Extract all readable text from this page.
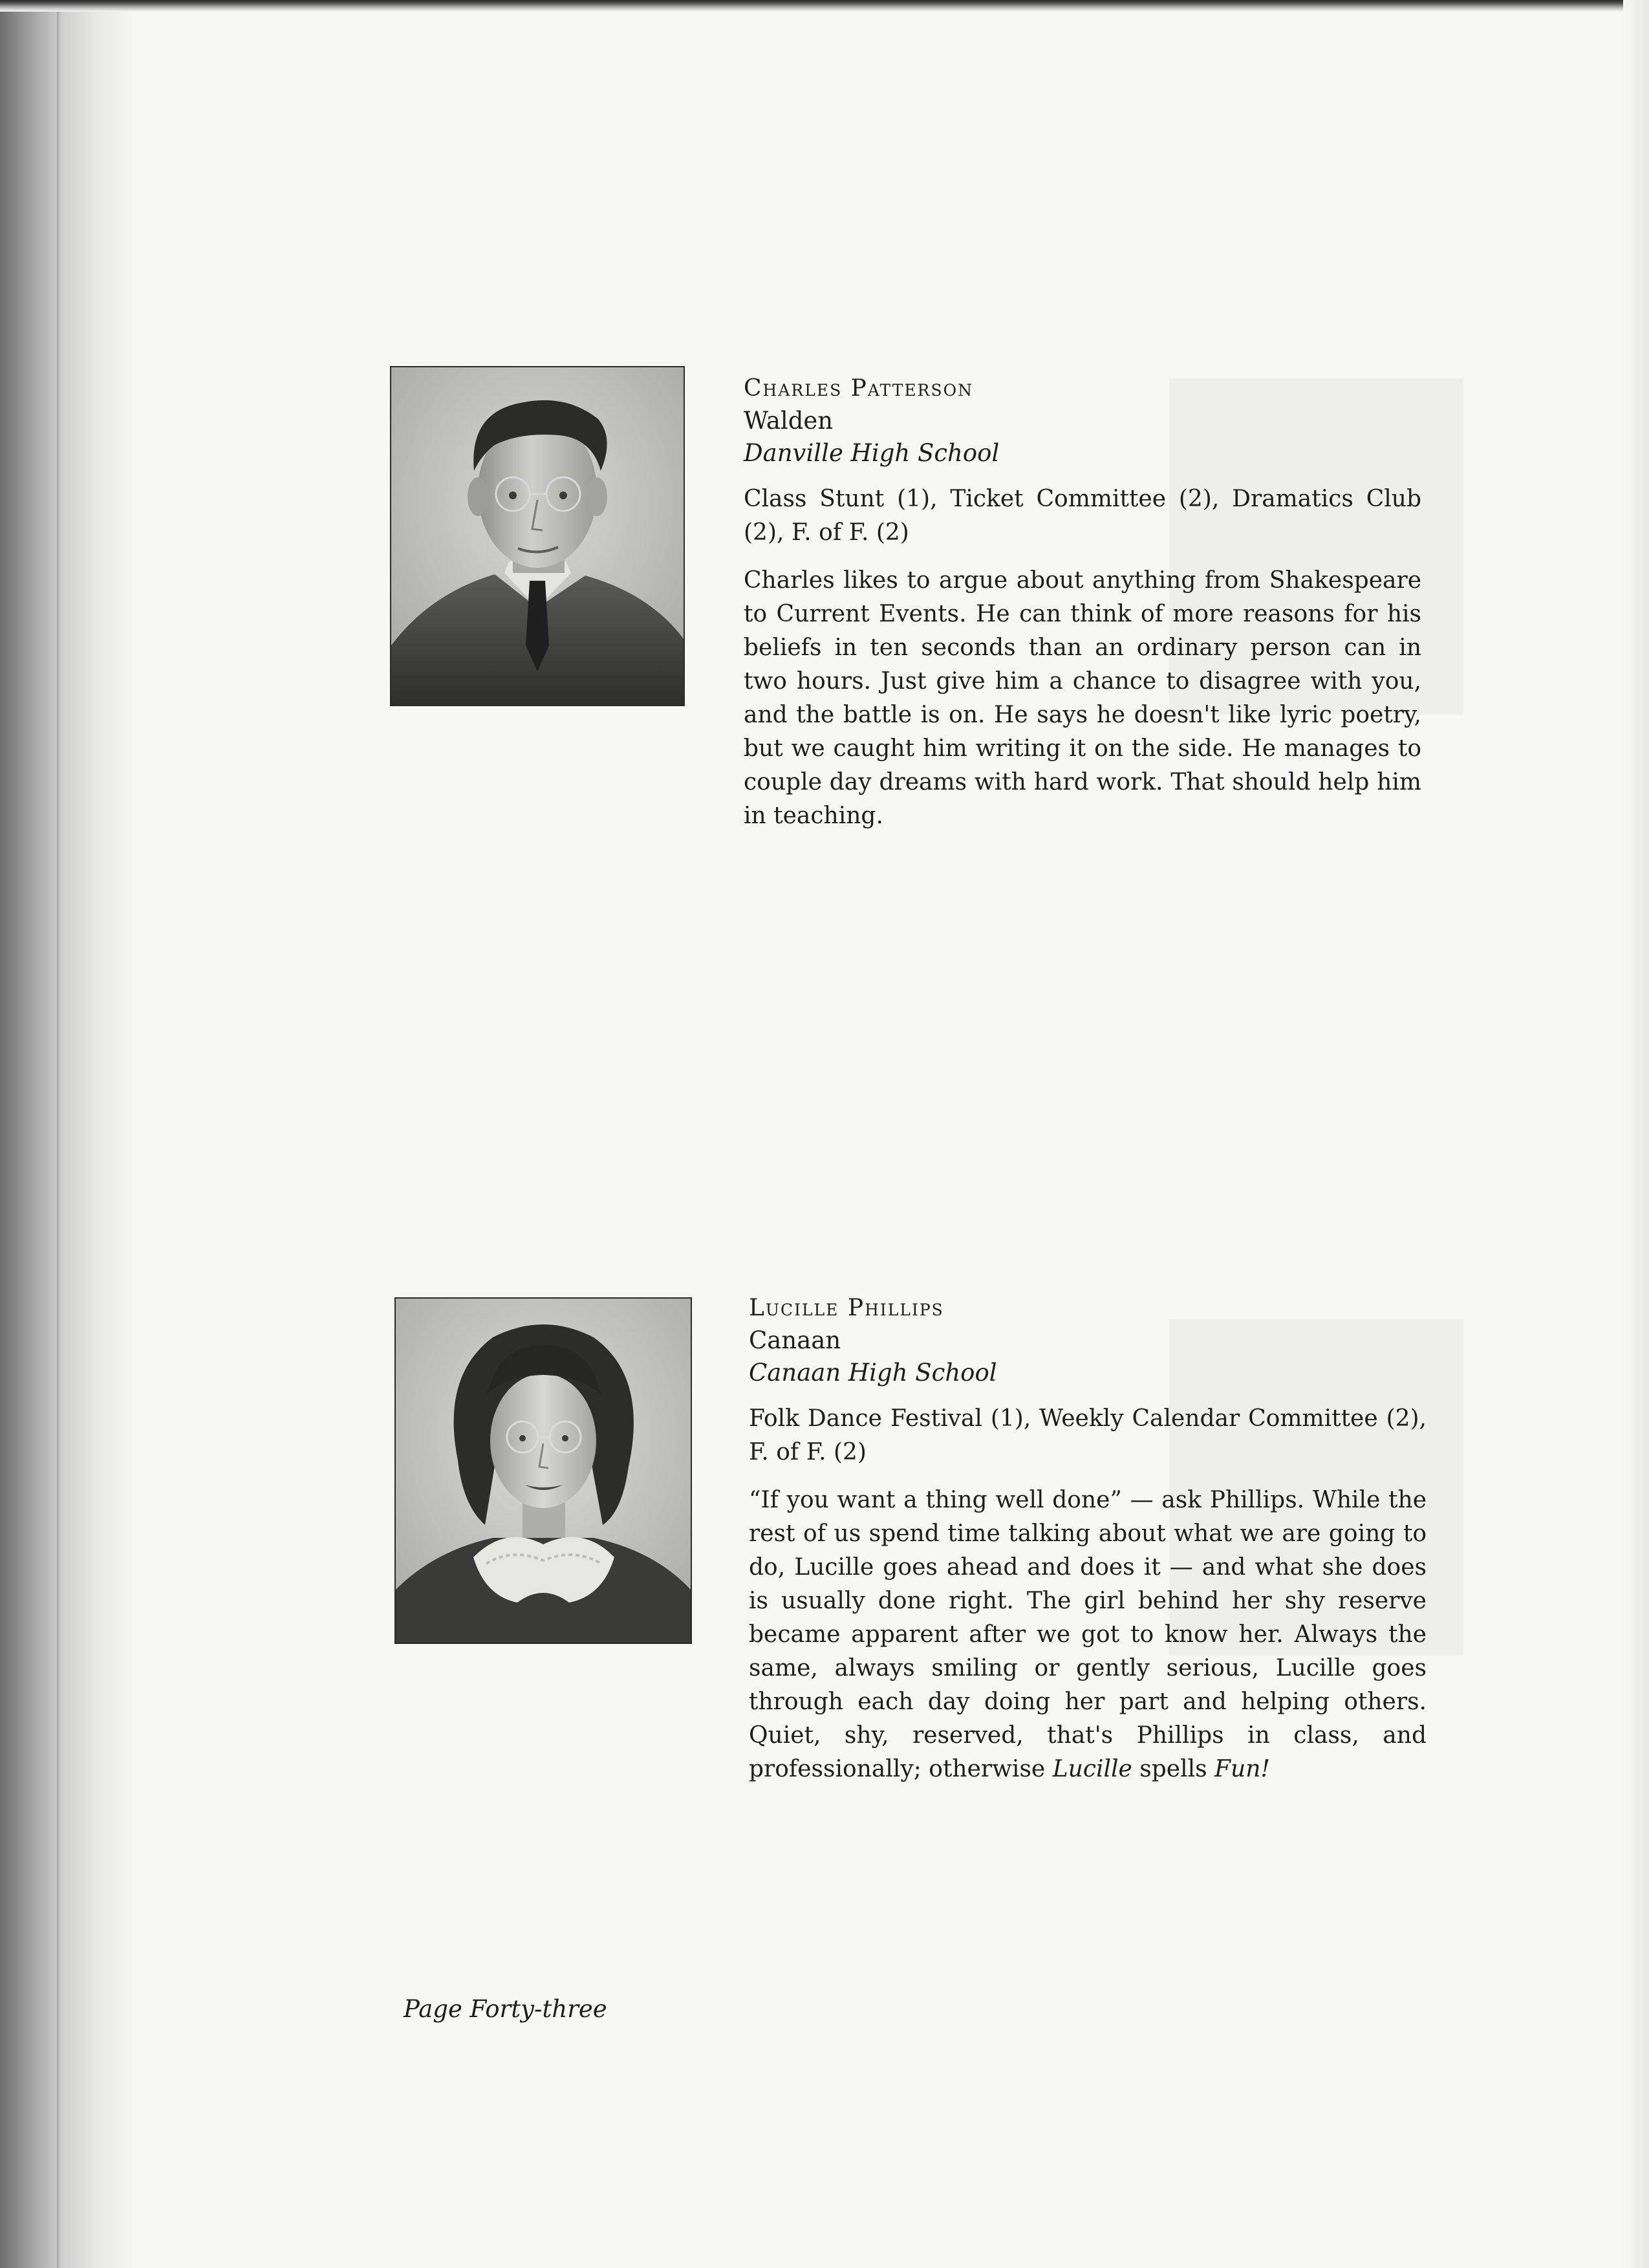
Charles Patterson
Walden
Danville High School
Class Stunt (1), Ticket Committee (2), Dramatics Club (2), F. of F. (2)
Charles likes to argue about anything from Shakespeare to Current Events. He can think of more reasons for his beliefs in ten seconds than an ordinary person can in two hours. Just give him a chance to disagree with you, and the battle is on. He says he doesn't like lyric poetry, but we caught him writing it on the side. He manages to couple day dreams with hard work. That should help him in teaching.
Lucille Phillips
Canaan
Canaan High School
Folk Dance Festival (1), Weekly Calendar Committee (2), F. of F. (2)
“If you want a thing well done” — ask Phillips. While the rest of us spend time talking about what we are going to do, Lucille goes ahead and does it — and what she does is usually done right. The girl behind her shy reserve became apparent after we got to know her. Always the same, always smiling or gently serious, Lucille goes through each day doing her part and helping others. Quiet, shy, reserved, that's Phillips in class, and professionally; otherwise Lucille spells Fun!
Page Forty-three
